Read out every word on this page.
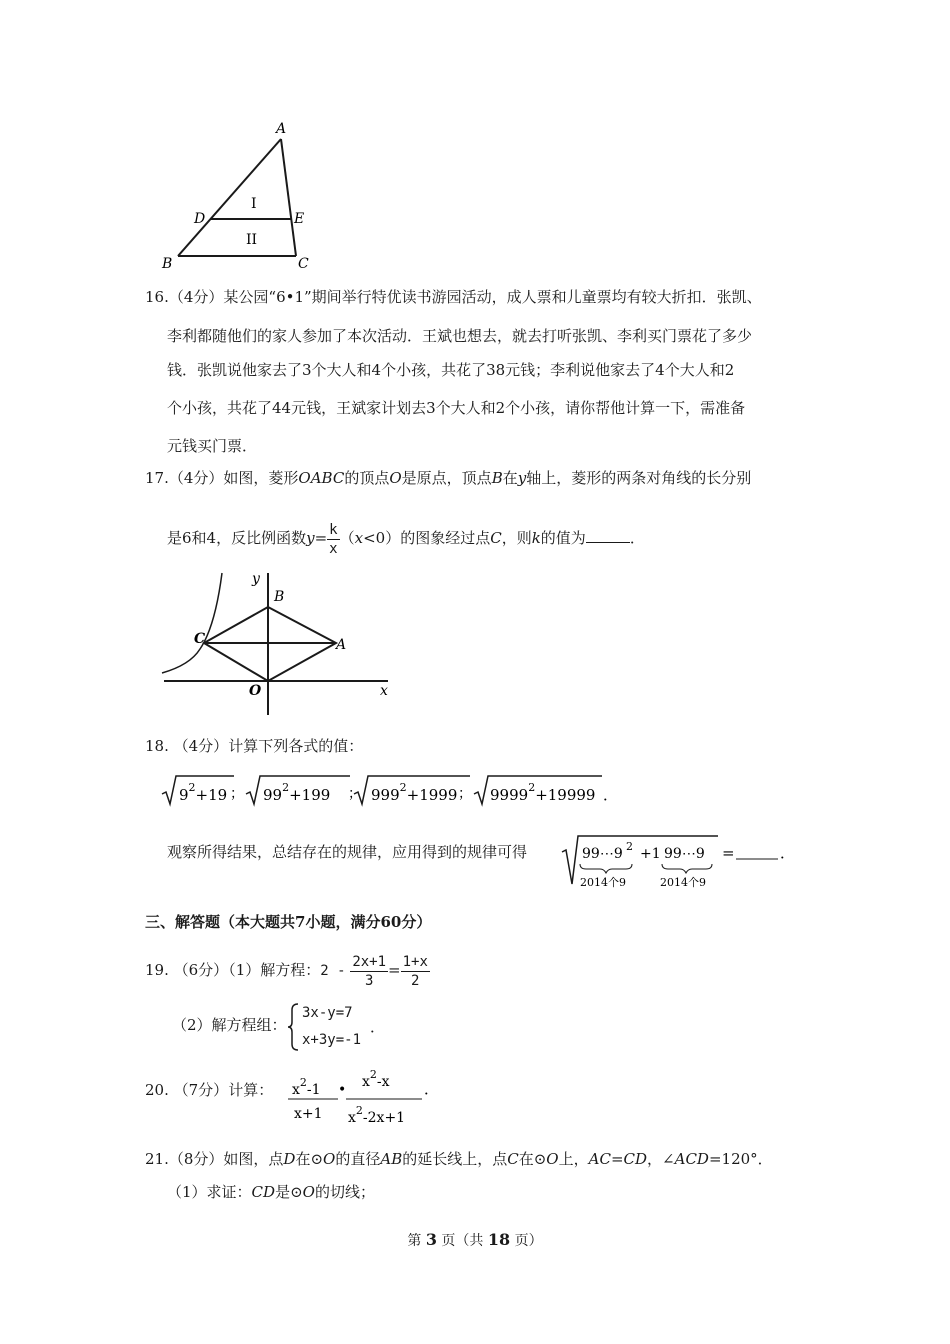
A
D	E
B	C
I
II
16.（4分）某公园“6•1”期间举行特优读书游园活动，成人票和儿童票均有较大折扣．张凯、
李利都随他们的家人参加了本次活动．王斌也想去，就去打听张凯、李利买门票花了多少
钱．张凯说他家去了3个大人和4个小孩，共花了38元钱；李利说他家去了4个大人和2
个小孩，共花了44元钱，王斌家计划去3个大人和2个小孩，请你帮他计算一下，需准备
元钱买门票．
17.（4分）如图，菱形OABC的顶点O是原点，顶点B在y轴上，菱形的两条对角线的长分别
是6和4，反比例函数$y= \frac{k}{x} (x<0)$的图象经过点C，则k的值为	．
y
B
C	A
O	x
18. （4分）计算下列各式的值：
$9^2+19$ ； $99^2+199$ ； $999^2+1999$ ； $9999^2+19999$ ．
观察所得结果，总结存在的规律，应用得到的规律可得	99⋯9 2 +1 99⋯9
2014个9	2014个9
=	．
三、解答题（本大题共7小题，满分60分）
19. （6分）（1）解方程：$2 - \frac{2x+1}{3} = \frac{1+x}{2}$
（2）解方程组：
3x-y=7
x+3y=-1
．
20. （7分）计算： $x^2-1$
x+1
• $x^2-x$
$x^2-2x+1$
．
21.（8分）如图，点D在⊙O的直径AB的延长线上，点C在⊙O上，AC=CD，∠ACD=120°．
（1）求证：CD是⊙O的切线；
第 3 页（共 18 页）
